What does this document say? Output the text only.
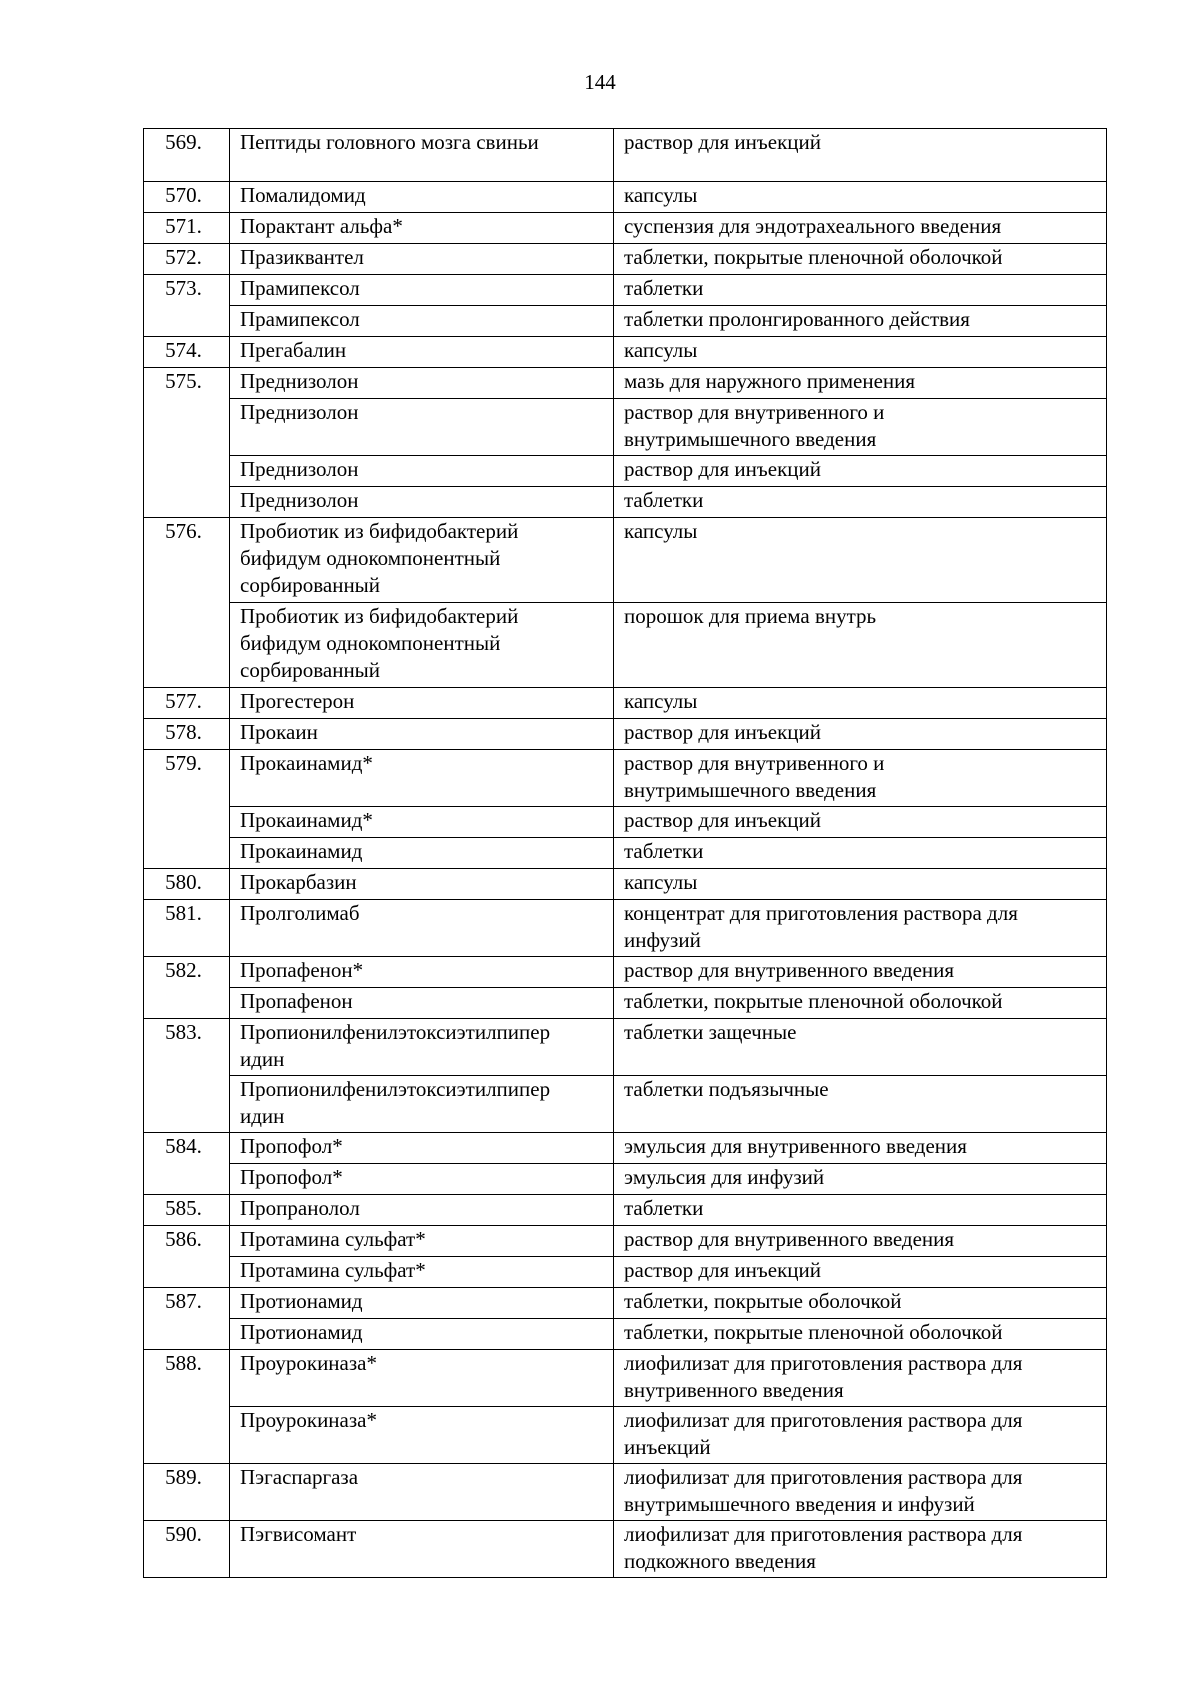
144
569.	Пептиды головного мозга свиньи	раствор для инъекций

570.	Помалидомид	капсулы

571.	Порактант альфа*	суспензия для эндотрахеального введения

572.	Празиквантел	таблетки, покрытые пленочной оболочкой

573.	Прамипексол	таблетки

	Прамипексол	таблетки пролонгированного действия

574.	Прегабалин	капсулы

575.	Преднизолон	мазь для наружного применения

	Преднизолон	раствор для внутривенного и
внутримышечного введения

	Преднизолон	раствор для инъекций

	Преднизолон	таблетки

576.	Пробиотик из бифидобактерий
бифидум однокомпонентный
сорбированный	капсулы

	Пробиотик из бифидобактерий
бифидум однокомпонентный
сорбированный	порошок для приема внутрь

577.	Прогестерон	капсулы

578.	Прокаин	раствор для инъекций

579.	Прокаинамид*	раствор для внутривенного и
внутримышечного введения

	Прокаинамид*	раствор для инъекций

	Прокаинамид	таблетки

580.	Прокарбазин	капсулы

581.	Пролголимаб	концентрат для приготовления раствора для
инфузий

582.	Пропафенон*	раствор для внутривенного введения

	Пропафенон	таблетки, покрытые пленочной оболочкой

583.	Пропионилфенилэтоксиэтилпипер
идин	таблетки защечные

	Пропионилфенилэтоксиэтилпипер
идин	таблетки подъязычные

584.	Пропофол*	эмульсия для внутривенного введения

	Пропофол*	эмульсия для инфузий

585.	Пропранолол	таблетки

586.	Протамина сульфат*	раствор для внутривенного введения

	Протамина сульфат*	раствор для инъекций

587.	Протионамид	таблетки, покрытые оболочкой

	Протионамид	таблетки, покрытые пленочной оболочкой

588.	Проурокиназа*	лиофилизат для приготовления раствора для
внутривенного введения

	Проурокиназа*	лиофилизат для приготовления раствора для
инъекций

589.	Пэгаспаргаза	лиофилизат для приготовления раствора для
внутримышечного введения и инфузий

590.	Пэгвисомант	лиофилизат для приготовления раствора для
подкожного введения
